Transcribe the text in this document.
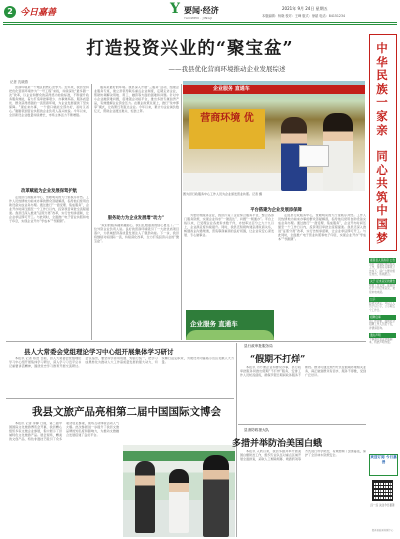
2 今日嘉善	Y 要闻·经济
YAOWEN · JINGJI
2021年 9月 24日 星期五
本版编辑：杨晓 校对：王峰 版式：徐斌 电话：84151234
中华民族一家亲
同心共筑中国梦
嘉善县人民政府 公告
为进一步做好我县相关工作，现将有关事项公告如下，请广大群众相互转告，积极配合。
关于 征求意见的通告
根据工作安排，现面向社会公开征求意见，欢迎来电来函。
公示
经研究决定，对以下人员予以公示，公示期五个工作日。
招聘启事
因工作需要，面向社会招聘工作人员若干名，详情请咨询。
遗失声明
不慎遗失营业执照副本，特此声明作废。
欢迎订阅 今日嘉善
扫一扫 关注今日嘉善
嘉善县新闻传媒中心
打造投资兴业的“聚宝盆”
——我县优化营商环境推动企业发展综述
记者 沈晓燕

营商环境是一个地区的核心竞争力。近年来，我县坚持把优化营商环境作为“一号工程”来抓，持续深化“最多跑一次”改革，以企业和群众的获得感为检验标准，不断提升政务服务效能，着力打造审批事项少、办事效率高、服务质量优、群众获得感强的一流营商环境，为企业发展提供了坚实保障。“现在来办事，一个窗口就能全部办好，省时又省心。”刚刚领到营业执照的企业负责人高兴地说。今年以来，全县新设企业数量持续增长，市场主体活力不断增强。

改革赋能为企业发展保驾护航

走进县行政服务中心，宽敞明亮的大厅里秩序井然。工作人员热情地为前来办事的群众答疑解惑，指导他们使用自助设备完成业务办理。通过推行“一窗受理、集成服务”，企业开办时间压缩至一个工作日以内，投资项目审批全流程提速。我县还深入推进“证照分离”改革，实行告知承诺制，让企业拿证即可开工。与此同时，全面推广电子营业执照和电子印章，实现企业开办“零成本”“零跑腿”。

服务是最好的环境。我县深入开展“三服务”活动，组建企业服务专班，建立县领导联系重点企业制度，定期走访企业，帮助协调解决用地、用工、融资等方面的困难和问题。针对中小企业融资难问题，搭建银企对接平台，推出多款专属信贷产品，有效缓解企业资金压力。在惠企政策兑现上，推行“免申即享”模式，让政策红利直达企业。今年以来，累计为企业减负数亿元，帮助企业渡过难关、轻装上阵。

服务助力为企业发展增“动力”

“政府的服务越来越贴心，我们扎根嘉善的信心更足了。”一位外资企业负责人说。良好的营商环境吸引了一大批优质项目落户，为县域经济高质量发展注入了强劲动能。下一步，我县将继续对标国际一流，持续深化改革，全力打造投资兴业的“聚宝盆”。

企业服务 直通车
营商环境 优
图为县行政服务中心工作人员为企业颁发营业执照。记者 摄
平台搭建为企业发展添保障

为更好地服务企业，我县打造了企业综合服务平台，整合各部门服务资源，实现企业诉求“一键直达”、问题“一网通办”。平台上线以来，已受理企业各类诉求数千件，办结率达百分之九十九以上，企业满意度持续提升。同时，我县还积极构建亲清政商关系，畅通政企沟通渠道，营造尊商重商的良好氛围，让企业家安心谋发展、专心做事业。

走进县行政服务中心，宽敞明亮的大厅里秩序井然。工作人员热情地为前来办事的群众答疑解惑，指导他们使用自助设备完成业务办理。通过推行“一窗受理、集成服务”，企业开办时间压缩至一个工作日以内，投资项目审批全流程提速。我县还深入推进“证照分离”改革，实行告知承诺制，让企业拿证即可开工。与此同时，全面推广电子营业执照和电子印章，实现企业开办“零成本”“零跑腿”。

企业服务 直通车
县人大常委会党组理论学习中心组开展集体学习研讨

本报讯 记者 陈浩 日前，县人大常委会党组理论学习中心组开展集体学习研讨，深入学习习近平总书记重要讲话精神，围绕党史学习教育开展交流研讨。会议指出，要坚持学思用贯通、知信行统一，把学习成果转化为推动人大工作高质量发展的强大动力，切实履行法定职责，为建设共同富裕示范区贡献人大力量。

我县文旅产品亮相第二届中国国际文博会

本报讯 记者 李静 日前，第二届中国国际文化旅游博览会开幕，我县精心组织多家文旅企业参展，集中展示了县域特色文化旅游产品。展会现场，精美的文创产品、特色非遗技艺吸引了众多观众驻足参观，现场互动体验活动人气火爆。此次参展进一步提升了我县文旅品牌的知名度和影响力，为推动文旅融合发展搭建了良好平台。

县行政审批服务局
“假期不打烊”

本报讯 为方便企业和群众办事，县行政审批服务局推出假期“不打烊”服务，安排工作人员轮流值班，确保节假日期间政务服务不断档。群众可通过预约方式在假期办理相关业务，真正做到群众有需求、服务不停歇，受到广泛好评。

县消防救援大队
多措并举防治美国白蛾

本报讯 入秋以来，我县多措并举开展美国白蛾防治工作，组织专业队伍对重点区域开展全面排查，采取人工剪除网幕、喷洒药剂等方式进行科学防治，有效控制了虫害蔓延，保护了全县林木资源安全。
